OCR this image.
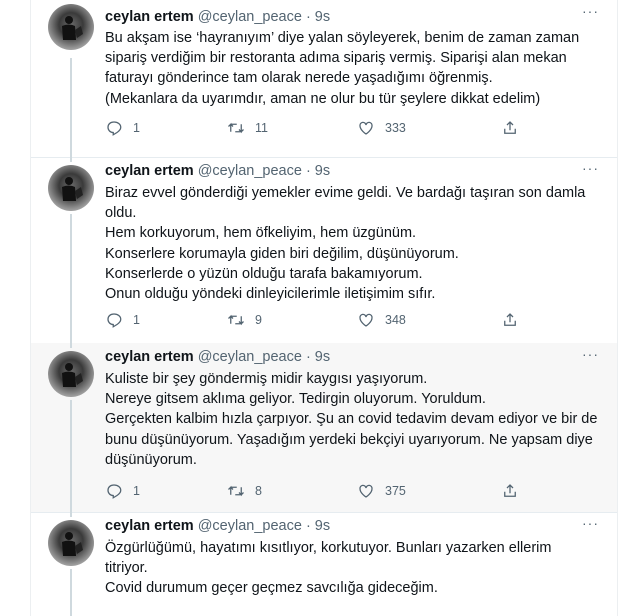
ceylan ertem @ceylan_peace · 9s	···
Bu akşam ise ‘hayranıyım’ diye yalan söyleyerek, benim de zaman zaman
sipariş verdiğim bir restoranta adıma sipariş vermiş. Siparişi alan mekan
faturayı gönderince tam olarak nerede yaşadığımı öğrenmiş.
(Mekanlara da uyarımdır, aman ne olur bu tür şeylere dikkat edelim)
1	11	333
ceylan ertem @ceylan_peace · 9s	···
Biraz evvel gönderdiği yemekler evime geldi. Ve bardağı taşıran son damla
oldu.
Hem korkuyorum, hem öfkeliyim, hem üzgünüm.
Konserlere korumayla giden biri değilim, düşünüyorum.
Konserlerde o yüzün olduğu tarafa bakamıyorum.
Onun olduğu yöndeki dinleyicilerimle iletişimim sıfır.
1	9	348
ceylan ertem @ceylan_peace · 9s	···
Kuliste bir şey göndermiş midir kaygısı yaşıyorum.
Nereye gitsem aklıma geliyor. Tedirgin oluyorum. Yoruldum.
Gerçekten kalbim hızla çarpıyor. Şu an covid tedavim devam ediyor ve bir de
bunu düşünüyorum. Yaşadığım yerdeki bekçiyi uyarıyorum. Ne yapsam diye
düşünüyorum.
1	8	375
ceylan ertem @ceylan_peace · 9s	···
Özgürlüğümü, hayatımı kısıtlıyor, korkutuyor. Bunları yazarken ellerim
titriyor.
Covid durumum geçer geçmez savcılığa gideceğim.
